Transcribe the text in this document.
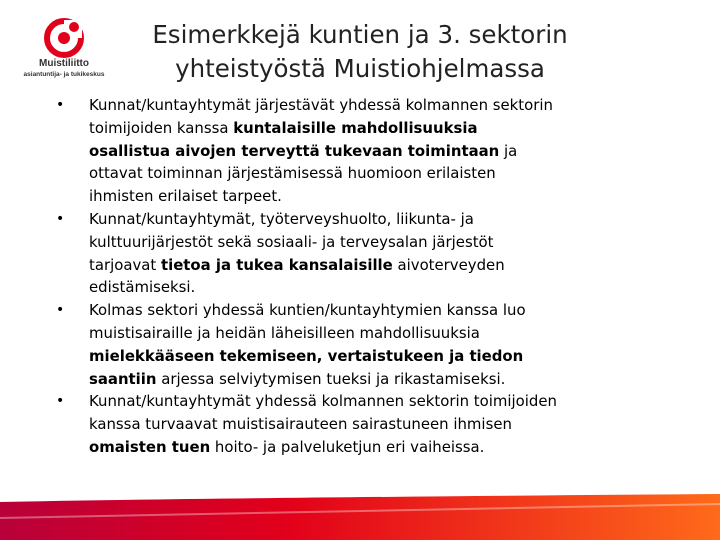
Muistiliitto
asiantuntija- ja tukikeskus
Esimerkkejä kuntien ja 3. sektorin
yhteistyöstä Muistiohjelmassa
• Kunnat/kuntayhtymät järjestävät yhdessä kolmannen sektorin
toimijoiden kanssa kuntalaisille mahdollisuuksia
osallistua aivojen terveyttä tukevaan toimintaan ja
ottavat toiminnan järjestämisessä huomioon erilaisten
ihmisten erilaiset tarpeet.
• Kunnat/kuntayhtymät, työterveyshuolto, liikunta- ja
kulttuurijärjestöt sekä sosiaali- ja terveysalan järjestöt
tarjoavat tietoa ja tukea kansalaisille aivoterveyden
edistämiseksi.
• Kolmas sektori yhdessä kuntien/kuntayhtymien kanssa luo
muistisairaille ja heidän läheisilleen mahdollisuuksia
mielekkääseen tekemiseen, vertaistukeen ja tiedon
saantiin arjessa selviytymisen tueksi ja rikastamiseksi.
• Kunnat/kuntayhtymät yhdessä kolmannen sektorin toimijoiden
kanssa turvaavat muistisairauteen sairastuneen ihmisen
omaisten tuen hoito- ja palveluketjun eri vaiheissa.
